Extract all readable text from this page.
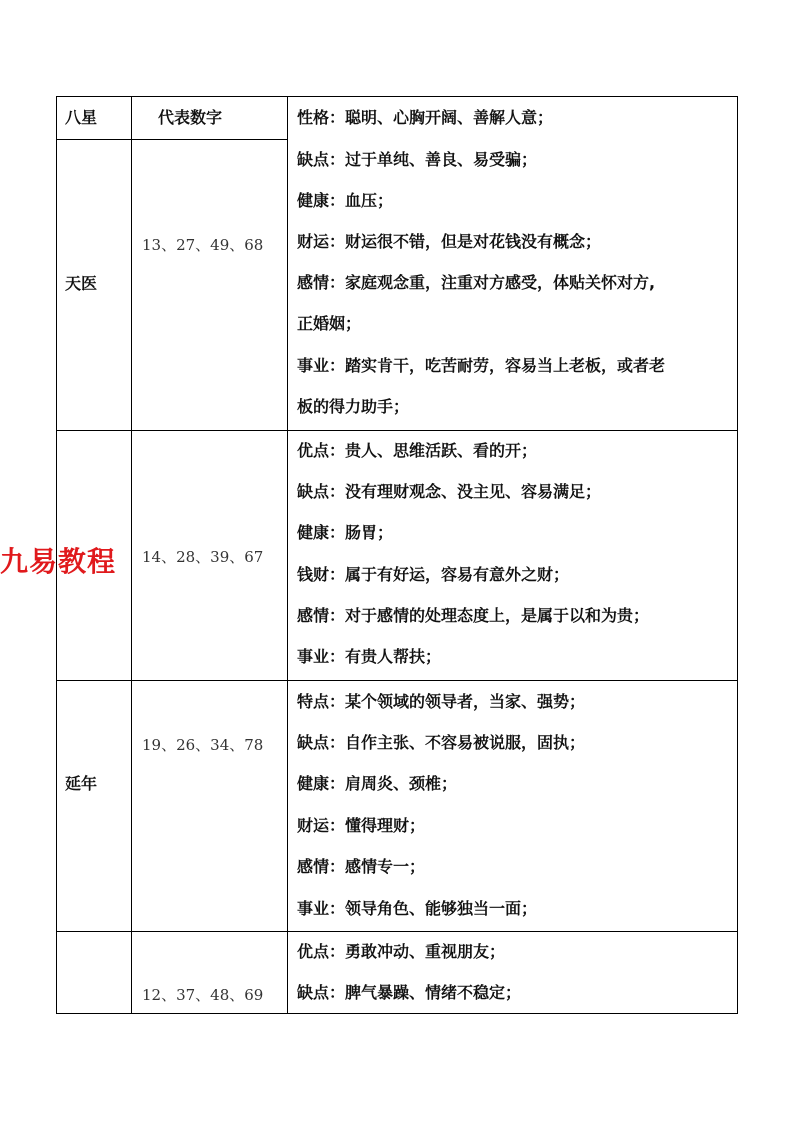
八星	代表数字	性格：聪明、心胸开阔、善解人意；
天医
13、27、49、68
缺点：过于单纯、善良、易受骗；
健康：血压；
财运：财运很不错，但是对花钱没有概念；
感情：家庭观念重，注重对方感受，体贴关怀对方,
正婚姻；
事业：踏实肯干，吃苦耐劳，容易当上老板，或者老
板的得力助手；
14、28、39、67
优点：贵人、思维活跃、看的开；
缺点：没有理财观念、没主见、容易满足；
健康：肠胃；
钱财：属于有好运，容易有意外之财；
感情：对于感情的处理态度上，是属于以和为贵；
事业：有贵人帮扶；
延年
19、26、34、78
特点：某个领域的领导者，当家、强势；
缺点：自作主张、不容易被说服，固执；
健康：肩周炎、颈椎；
财运：懂得理财；
感情：感情专一；
事业：领导角色、能够独当一面；
12、37、48、69
优点：勇敢冲动、重视朋友；
缺点：脾气暴躁、情绪不稳定；
九易教程
